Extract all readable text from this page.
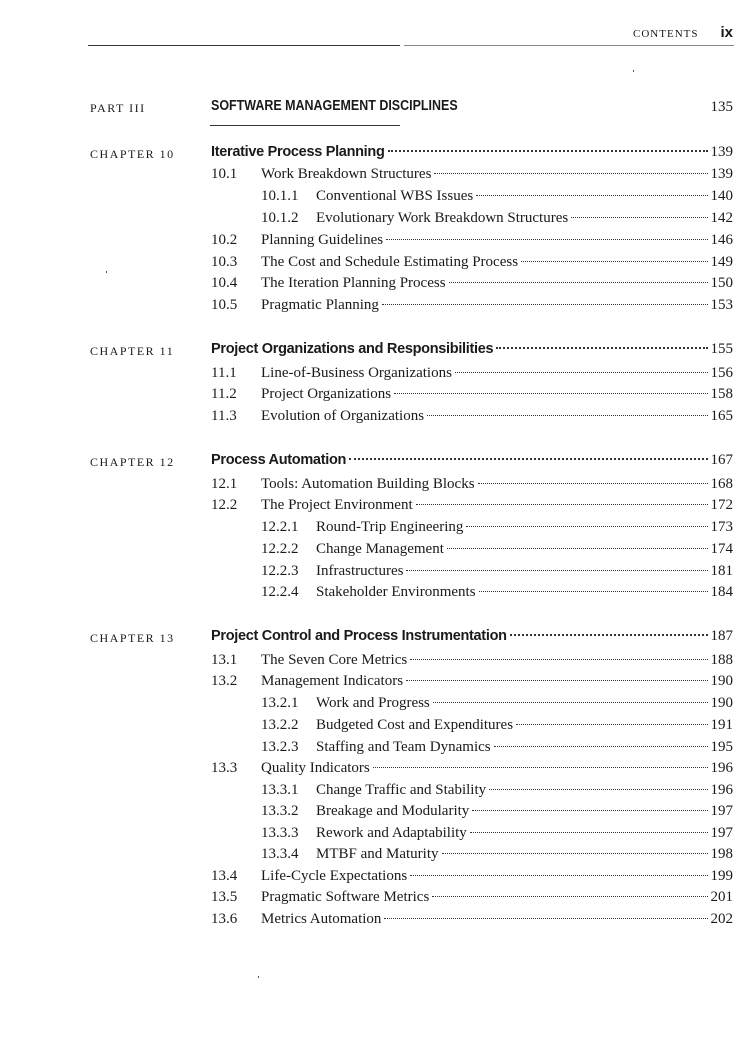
CONTENTS ix
PART III	SOFTWARE MANAGEMENT DISCIPLINES	135
CHAPTER 10	Iterative Process Planning	139
10.1	Work Breakdown Structures	139
10.1.1	Conventional WBS Issues	140
10.1.2	Evolutionary Work Breakdown Structures	142
10.2	Planning Guidelines	146
10.3	The Cost and Schedule Estimating Process	149
10.4	The Iteration Planning Process	150
10.5	Pragmatic Planning	153
CHAPTER 11	Project Organizations and Responsibilities	155
11.1	Line-of-Business Organizations	156
11.2	Project Organizations	158
11.3	Evolution of Organizations	165
CHAPTER 12	Process Automation	167
12.1	Tools: Automation Building Blocks	168
12.2	The Project Environment	172
12.2.1	Round-Trip Engineering	173
12.2.2	Change Management	174
12.2.3	Infrastructures	181
12.2.4	Stakeholder Environments	184
CHAPTER 13	Project Control and Process Instrumentation	187
13.1	The Seven Core Metrics	188
13.2	Management Indicators	190
13.2.1	Work and Progress	190
13.2.2	Budgeted Cost and Expenditures	191
13.2.3	Staffing and Team Dynamics	195
13.3	Quality Indicators	196
13.3.1	Change Traffic and Stability	196
13.3.2	Breakage and Modularity	197
13.3.3	Rework and Adaptability	197
13.3.4	MTBF and Maturity	198
13.4	Life-Cycle Expectations	199
13.5	Pragmatic Software Metrics	201
13.6	Metrics Automation	202
